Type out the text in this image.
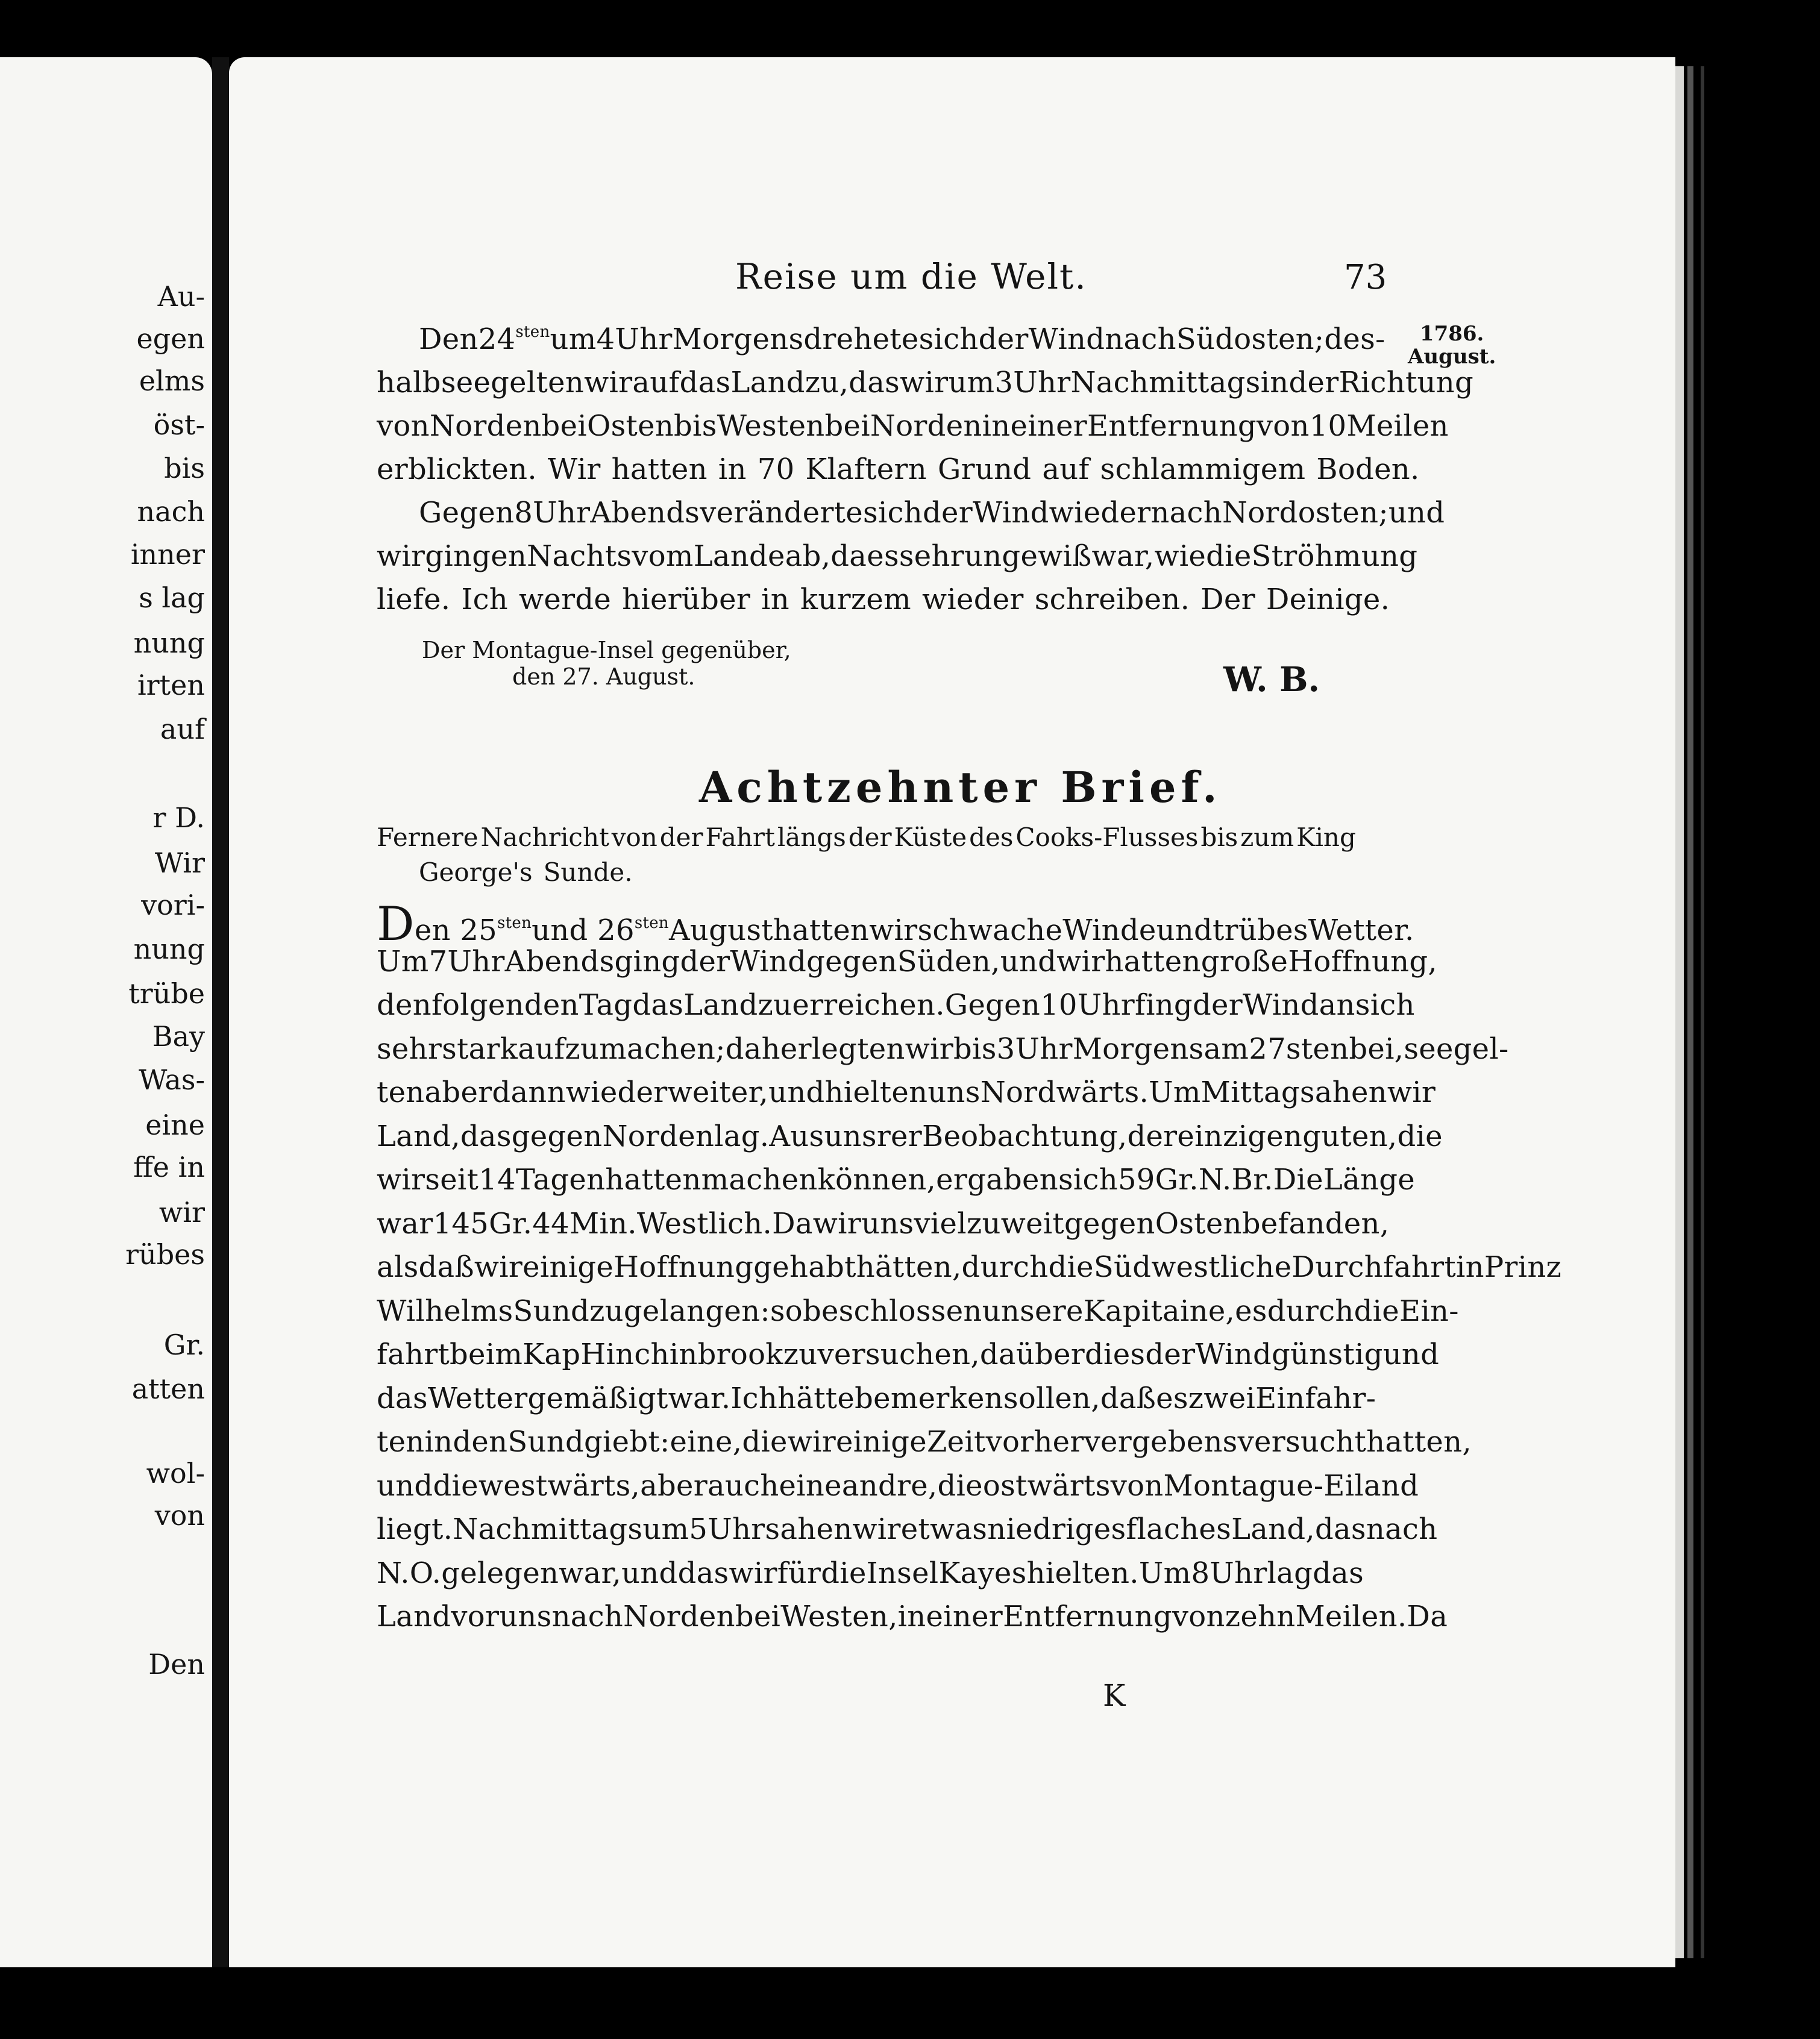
Au-
egen
elms
öst-
bis
nach
inner
s lag
nung
irten
auf
r D.
Wir
vori-
nung
trübe
Bay
Was-
eine
ffe in
wir
rübes
Gr.
atten
wol-
von
Den
Reise um die Welt.	73
1786.
August.
Den $24^{sten}$ um 4 Uhr Morgens drehete sich der Wind nach Südosten; des-
halb seegelten wir auf das Land zu, das wir um 3 Uhr Nachmittags in der Richtung
von Norden bei Osten bis Westen bei Norden in einer Entfernung von 10 Meilen
erblickten. Wir hatten in 70 Klaftern Grund auf schlammigem Boden.
Gegen 8 Uhr Abends veränderte sich der Wind wieder nach Nordosten; und
wir gingen Nachts vom Lande ab, da es sehr ungewiß war, wie die Ströhmung
liefe. Ich werde hierüber in kurzem wieder schreiben. Der Deinige.
Der Montague-Insel gegenüber,
den 27. August.	W. B.
Achtzehnter Brief.
Fernere Nachricht von der Fahrt längs der Küste des Cooks-Flusses bis zum King
George's Sunde.
Den $25^{sten}$ und $26^{sten}$ August hatten wir schwache Winde und trübes Wetter.
Um 7 Uhr Abends ging der Wind gegen Süden, und wir hatten große Hoffnung,
den folgenden Tag das Land zu erreichen. Gegen 10 Uhr fing der Wind an sich
sehr stark aufzumachen; daher legten wir bis 3 Uhr Morgens am 27sten bei, seegel-
ten aber dann wieder weiter, und hielten uns Nordwärts. Um Mittag sahen wir
Land, das gegen Norden lag. Aus unsrer Beobachtung, der einzigen guten, die
wir seit 14 Tagen hatten machen können, ergaben sich 59 Gr. N. Br. Die Länge
war 145 Gr. 44 Min. Westlich. Da wir uns viel zu weit gegen Osten befanden,
als daß wir einige Hoffnung gehabt hätten, durch die Südwestliche Durchfahrt in Prinz
Wilhelms Sund zu gelangen: so beschlossen unsere Kapitaine, es durch die Ein-
fahrt beim Kap Hinchinbrook zu versuchen, da überdies der Wind günstig und
das Wetter gemäßigt war. Ich hätte bemerken sollen, daß es zwei Einfahr-
ten in den Sund giebt: eine, die wir einige Zeit vorher vergebens versucht hatten,
und die westwärts, aber auch eine andre, die ostwärts von Montague-Eiland
liegt. Nachmittags um 5 Uhr sahen wir etwas niedriges flaches Land, das nach
N. O. gelegen war, und das wir für die Insel Kayes hielten. Um 8 Uhr lag das
Land vor uns nach Norden bei Westen, in einer Entfernung von zehn Meilen. Da
K
